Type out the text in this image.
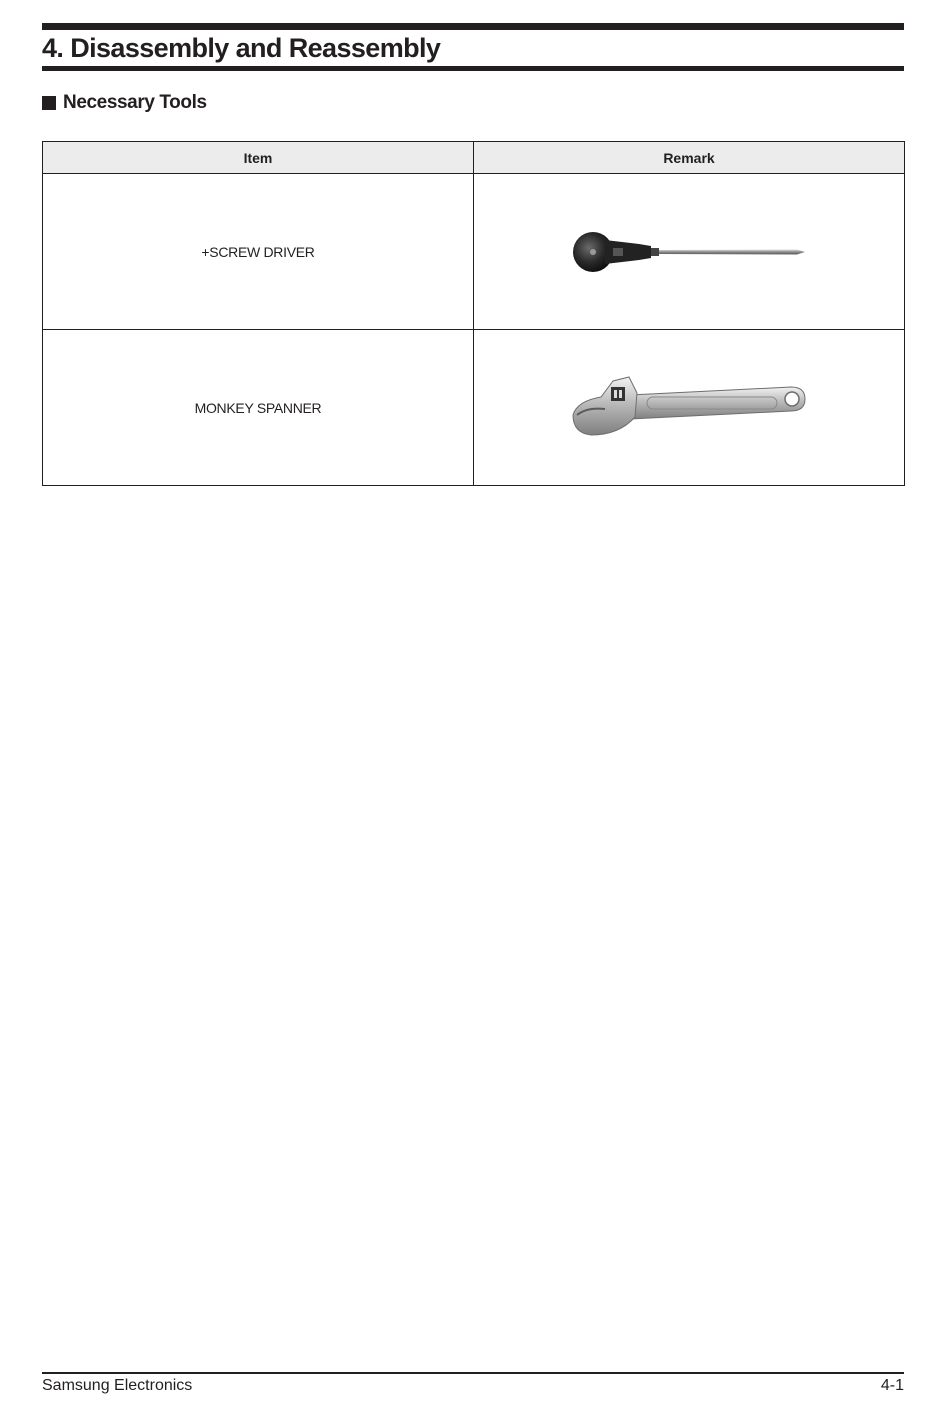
4. Disassembly and Reassembly
Necessary Tools
Item	Remark
+SCREW DRIVER	

MONKEY SPANNER	
Samsung Electronics	4-1
